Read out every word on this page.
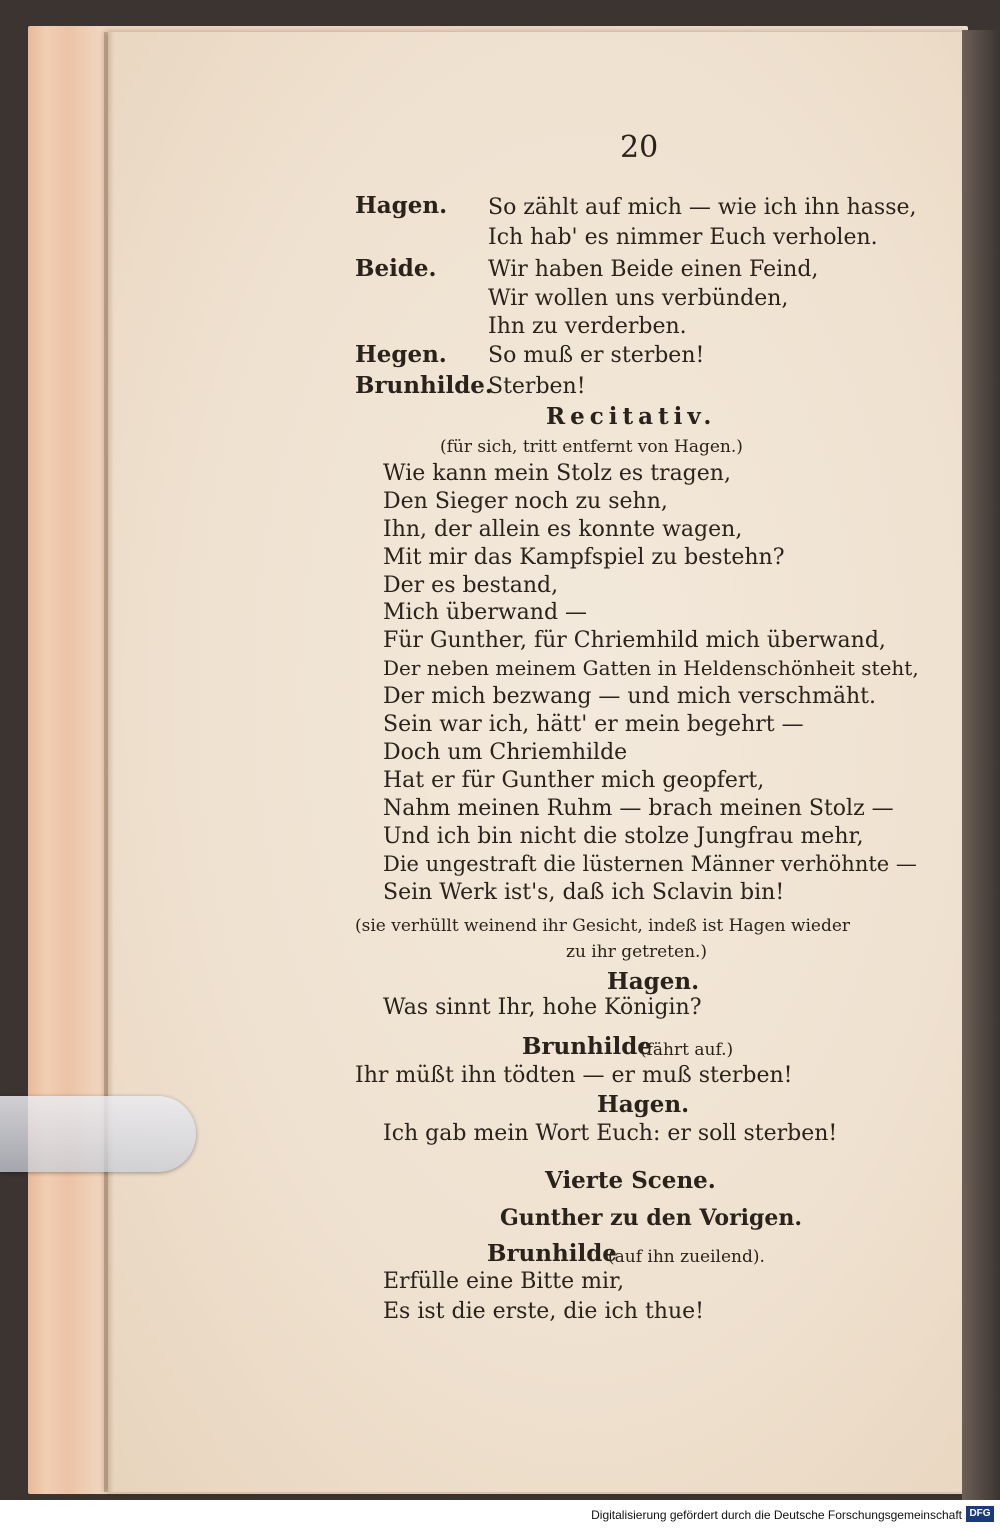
20
Hagen. So zählt auf mich — wie ich ihn hasse,
Ich hab' es nimmer Euch verholen.
Beide. Wir haben Beide einen Feind,
Wir wollen uns verbünden,
Ihn zu verderben.
Hegen. So muß er sterben!
Brunhilde.
Sterben!
Recitativ.
(für sich, tritt entfernt von Hagen.)
Wie kann mein Stolz es tragen,
Den Sieger noch zu sehn,
Ihn, der allein es konnte wagen,
Mit mir das Kampfspiel zu bestehn?
Der es bestand,
Mich überwand —
Für Gunther, für Chriemhild mich überwand,
Der neben meinem Gatten in Heldenschönheit steht,
Der mich bezwang — und mich verschmäht.
Sein war ich, hätt' er mein begehrt —
Doch um Chriemhilde
Hat er für Gunther mich geopfert,
Nahm meinen Ruhm — brach meinen Stolz —
Und ich bin nicht die stolze Jungfrau mehr,
Die ungestraft die lüsternen Männer verhöhnte —
Sein Werk ist's, daß ich Sclavin bin!
(sie verhüllt weinend ihr Gesicht, indeß ist Hagen wieder
zu ihr getreten.)
Hagen.
Was sinnt Ihr, hohe Königin?
Brunhilde
(fährt auf.)
Ihr müßt ihn tödten — er muß sterben!
Hagen.
Ich gab mein Wort Euch: er soll sterben!
Vierte Scene.
Gunther zu den Vorigen.
Brunhilde
(auf ihn zueilend).
Erfülle eine Bitte mir,
Es ist die erste, die ich thue!
Digitalisierung gefördert durch die Deutsche Forschungsgemeinschaft DFG
